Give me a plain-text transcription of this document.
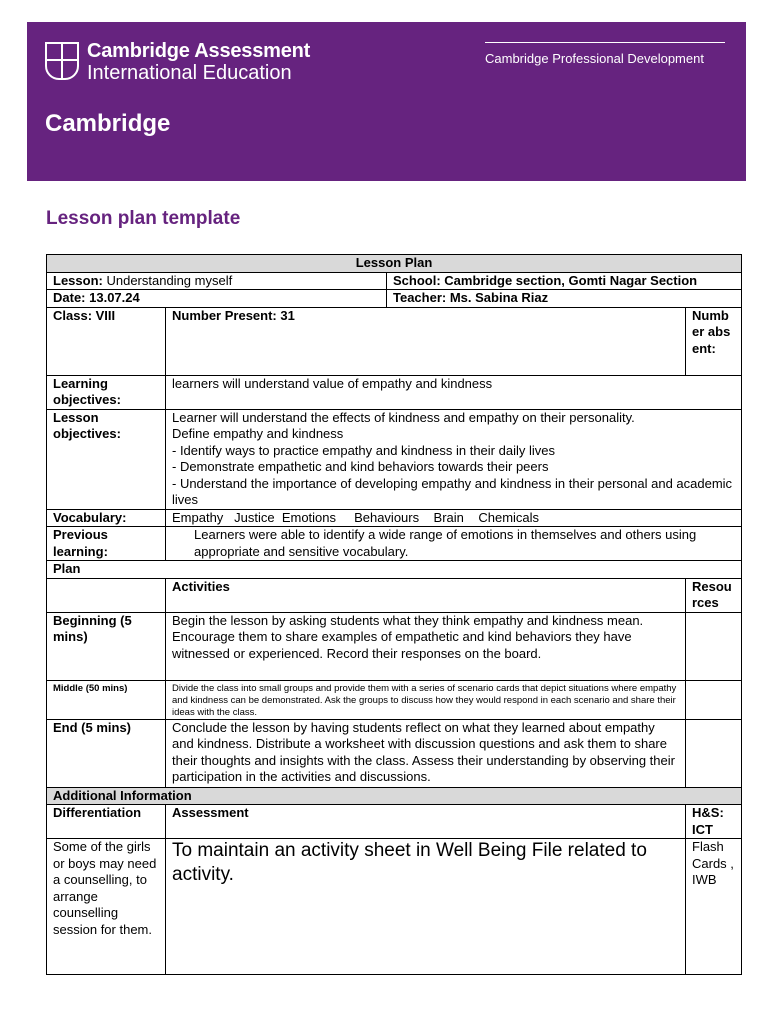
Cambridge Assessment
International Education
Cambridge Professional Development
Cambridge
Lesson plan template
Lesson Plan			
Lesson: Understanding myself		School: Cambridge section, Gomti Nagar Section	
Date: 13.07.24		Teacher: Ms. Sabina Riaz	
Class: VIII	Number Present: 31		Number absent:
Learning objectives:	learners will understand value of empathy and kindness		
Lesson objectives:	Learner will understand the effects of kindness and empathy on their personality.
Define empathy and kindness
- Identify ways to practice empathy and kindness in their daily lives
- Demonstrate empathetic and kind behaviors towards their peers
- Understand the importance of developing empathy and kindness in their personal and academic lives		

Vocabulary:	Empathy   Justice  Emotions     Behaviours    Brain    Chemicals		
Previous learning:	Learners were able to identify a wide range of emotions in themselves and others using appropriate and sensitive vocabulary.		
Plan			
	Activities		Resources
Beginning (5 mins)	Begin the lesson by asking students what they think empathy and kindness mean. Encourage them to share examples of empathetic and kind behaviors they have witnessed or experienced. Record their responses on the board.		
Middle (50 mins)	Divide the class into small groups and provide them with a series of scenario cards that depict situations where empathy and kindness can be demonstrated. Ask the groups to discuss how they would respond in each scenario and share their ideas with the class.		
End (5 mins)	Conclude the lesson by having students reflect on what they learned about empathy and kindness. Distribute a worksheet with discussion questions and ask them to share their thoughts and insights with the class. Assess their understanding by observing their participation in the activities and discussions.		
Additional Information			
Differentiation	Assessment		H&S: ICT
Some of the girls or boys may need a counselling, to arrange counselling session for them.	To maintain an activity sheet in Well Being File related to activity.		Flash Cards , IWB
